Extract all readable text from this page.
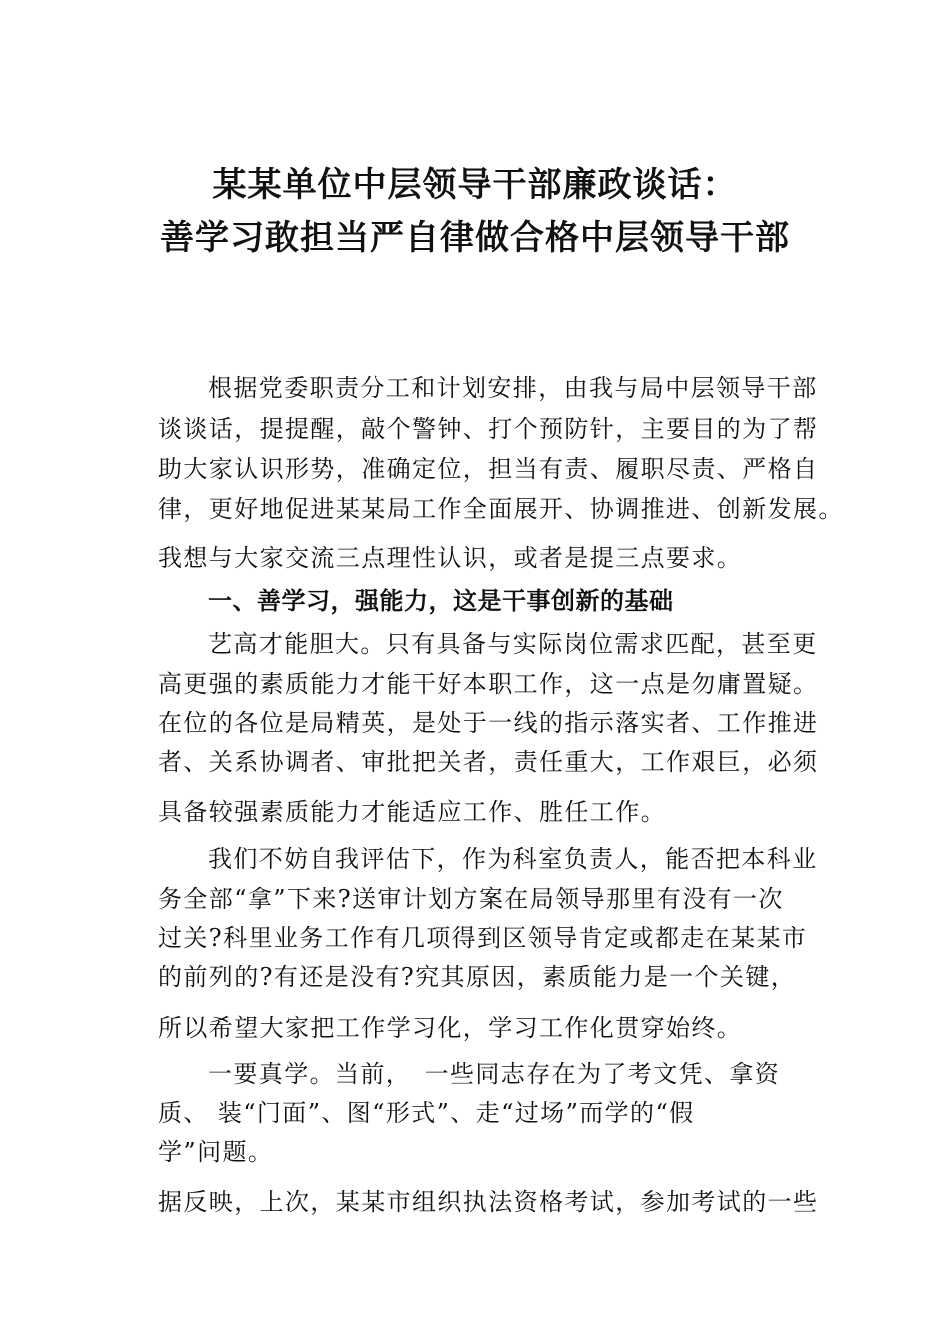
某某单位中层领导干部廉政谈话：
善学习敢担当严自律做合格中层领导干部
根据党委职责分工和计划安排，由我与局中层领导干部
谈谈话，提提醒，敲个警钟、打个预防针，主要目的为了帮
助大家认识形势，准确定位，担当有责、履职尽责、严格自
律，更好地促进某某局工作全面展开、协调推进、创新发展。
我想与大家交流三点理性认识，或者是提三点要求。
一、善学习，强能力，这是干事创新的基础
艺高才能胆大。只有具备与实际岗位需求匹配，甚至更
高更强的素质能力才能干好本职工作，这一点是勿庸置疑。
在位的各位是局精英，是处于一线的指示落实者、工作推进
者、关系协调者、审批把关者，责任重大，工作艰巨，必须
具备较强素质能力才能适应工作、胜任工作。
我们不妨自我评估下，作为科室负责人，能否把本科业
务全部“拿”下来?送审计划方案在局领导那里有没有一次
过关?科里业务工作有几项得到区领导肯定或都走在某某市
的前列的?有还是没有?究其原因，素质能力是一个关键，
所以希望大家把工作学习化，学习工作化贯穿始终。
一要真学。当前，　一些同志存在为了考文凭、拿资
质、 装“门面”、图“形式”、走“过场”而学的“假
学”问题。
据反映，上次，某某市组织执法资格考试，参加考试的一些
